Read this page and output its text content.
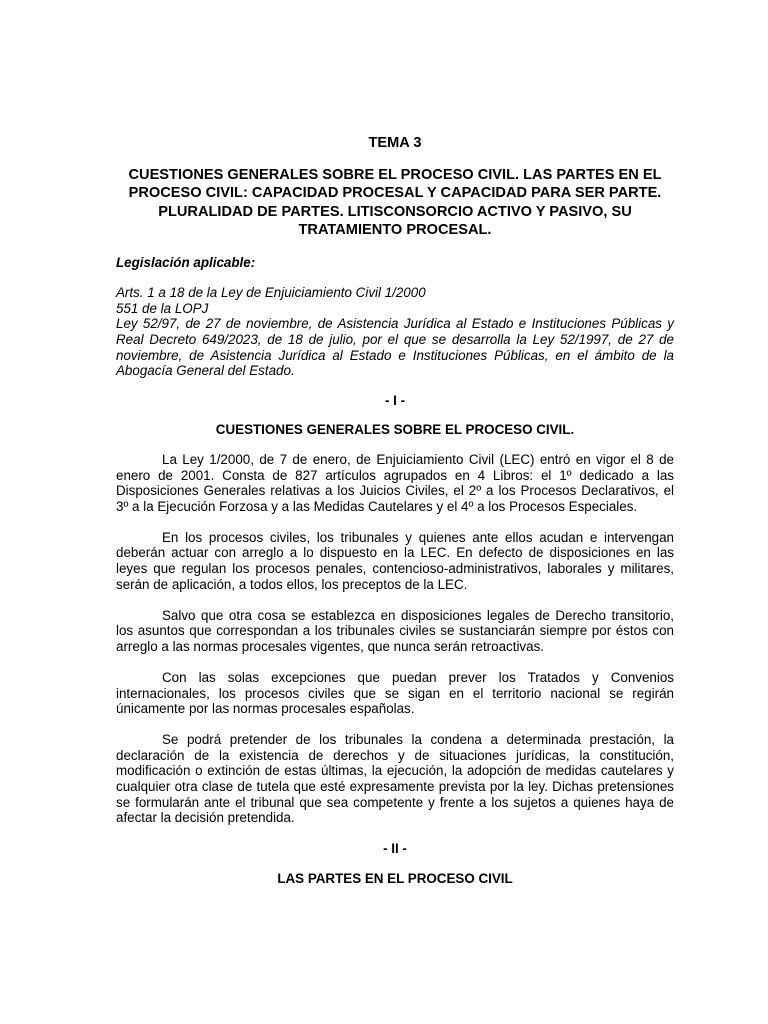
TEMA 3
CUESTIONES GENERALES SOBRE EL PROCESO CIVIL. LAS PARTES EN EL PROCESO CIVIL: CAPACIDAD PROCESAL Y CAPACIDAD PARA SER PARTE. PLURALIDAD DE PARTES. LITISCONSORCIO ACTIVO Y PASIVO, SU TRATAMIENTO PROCESAL.
Legislación aplicable:
Arts. 1 a 18 de la Ley de Enjuiciamiento Civil 1/2000
551 de la LOPJ
Ley 52/97, de 27 de noviembre, de Asistencia Jurídica al Estado e Instituciones Públicas y Real Decreto 649/2023, de 18 de julio, por el que se desarrolla la Ley 52/1997, de 27 de noviembre, de Asistencia Jurídica al Estado e Instituciones Públicas, en el ámbito de la Abogacía General del Estado.
- I -
CUESTIONES GENERALES SOBRE EL PROCESO CIVIL.

La Ley 1/2000, de 7 de enero, de Enjuiciamiento Civil (LEC) entró en vigor el 8 de enero de 2001. Consta de 827 artículos agrupados en 4 Libros: el 1º dedicado a las Disposiciones Generales relativas a los Juicios Civiles, el 2º a los Procesos Declarativos, el 3º a la Ejecución Forzosa y a las Medidas Cautelares y el 4º a los Procesos Especiales.

En los procesos civiles, los tribunales y quienes ante ellos acudan e intervengan deberán actuar con arreglo a lo dispuesto en la LEC. En defecto de disposiciones en las leyes que regulan los procesos penales, contencioso-administrativos, laborales y militares, serán de aplicación, a todos ellos, los preceptos de la LEC.

Salvo que otra cosa se establezca en disposiciones legales de Derecho transitorio, los asuntos que correspondan a los tribunales civiles se sustanciarán siempre por éstos con arreglo a las normas procesales vigentes, que nunca serán retroactivas.

Con las solas excepciones que puedan prever los Tratados y Convenios internacionales, los procesos civiles que se sigan en el territorio nacional se regirán únicamente por las normas procesales españolas.

Se podrá pretender de los tribunales la condena a determinada prestación, la declaración de la existencia de derechos y de situaciones jurídicas, la constitución, modificación o extinción de estas últimas, la ejecución, la adopción de medidas cautelares y cualquier otra clase de tutela que esté expresamente prevista por la ley. Dichas pretensiones se formularán ante el tribunal que sea competente y frente a los sujetos a quienes haya de afectar la decisión pretendida.

- II -
LAS PARTES EN EL PROCESO CIVIL
